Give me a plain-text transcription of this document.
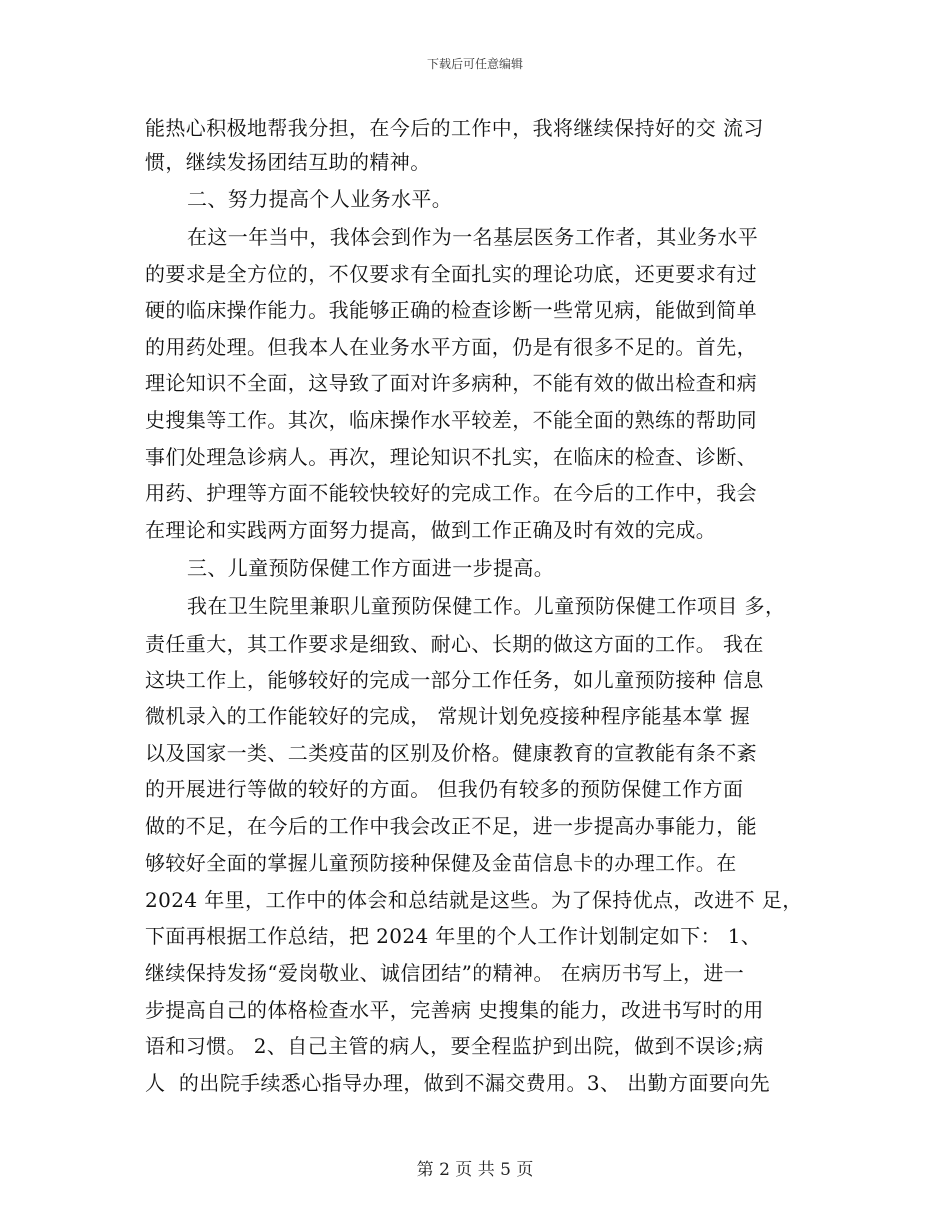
下载后可任意编辑
能热心积极地帮我分担，在今后的工作中，我将继续保持好的交 流习
惯，继续发扬团结互助的精神。
二、努力提高个人业务水平。
在这一年当中，我体会到作为一名基层医务工作者，其业务水平
的要求是全方位的，不仅要求有全面扎实的理论功底，还更要求有过
硬的临床操作能力。我能够正确的检查诊断一些常见病，能做到简单
的用药处理。但我本人在业务水平方面，仍是有很多不足的。首先，
理论知识不全面，这导致了面对许多病种，不能有效的做出检查和病
史搜集等工作。其次，临床操作水平较差，不能全面的熟练的帮助同
事们处理急诊病人。再次，理论知识不扎实，在临床的检查、诊断、
用药、护理等方面不能较快较好的完成工作。在今后的工作中，我会
在理论和实践两方面努力提高，做到工作正确及时有效的完成。
三、儿童预防保健工作方面进一步提高。
我在卫生院里兼职儿童预防保健工作。儿童预防保健工作项目 多，
责任重大，其工作要求是细致、耐心、长期的做这方面的工作。 我在
这块工作上，能够较好的完成一部分工作任务，如儿童预防接种 信息
微机录入的工作能较好的完成， 常规计划免疫接种程序能基本掌 握
以及国家一类、二类疫苗的区别及价格。健康教育的宣教能有条不紊
的开展进行等做的较好的方面。 但我仍有较多的预防保健工作方面
做的不足，在今后的工作中我会改正不足，进一步提高办事能力，能
够较好全面的掌握儿童预防接种保健及金苗信息卡的办理工作。在
2024 年里，工作中的体会和总结就是这些。为了保持优点，改进不 足，
下面再根据工作总结，把 2024 年里的个人工作计划制定如下： 1、
继续保持发扬“爱岗敬业、诚信团结”的精神。 在病历书写上，进一
步提高自己的体格检查水平，完善病 史搜集的能力，改进书写时的用
语和习惯。 2、自己主管的病人，要全程监护到出院，做到不误诊;病
人  的出院手续悉心指导办理，做到不漏交费用。3、 出勤方面要向先
第 2 页 共 5 页
